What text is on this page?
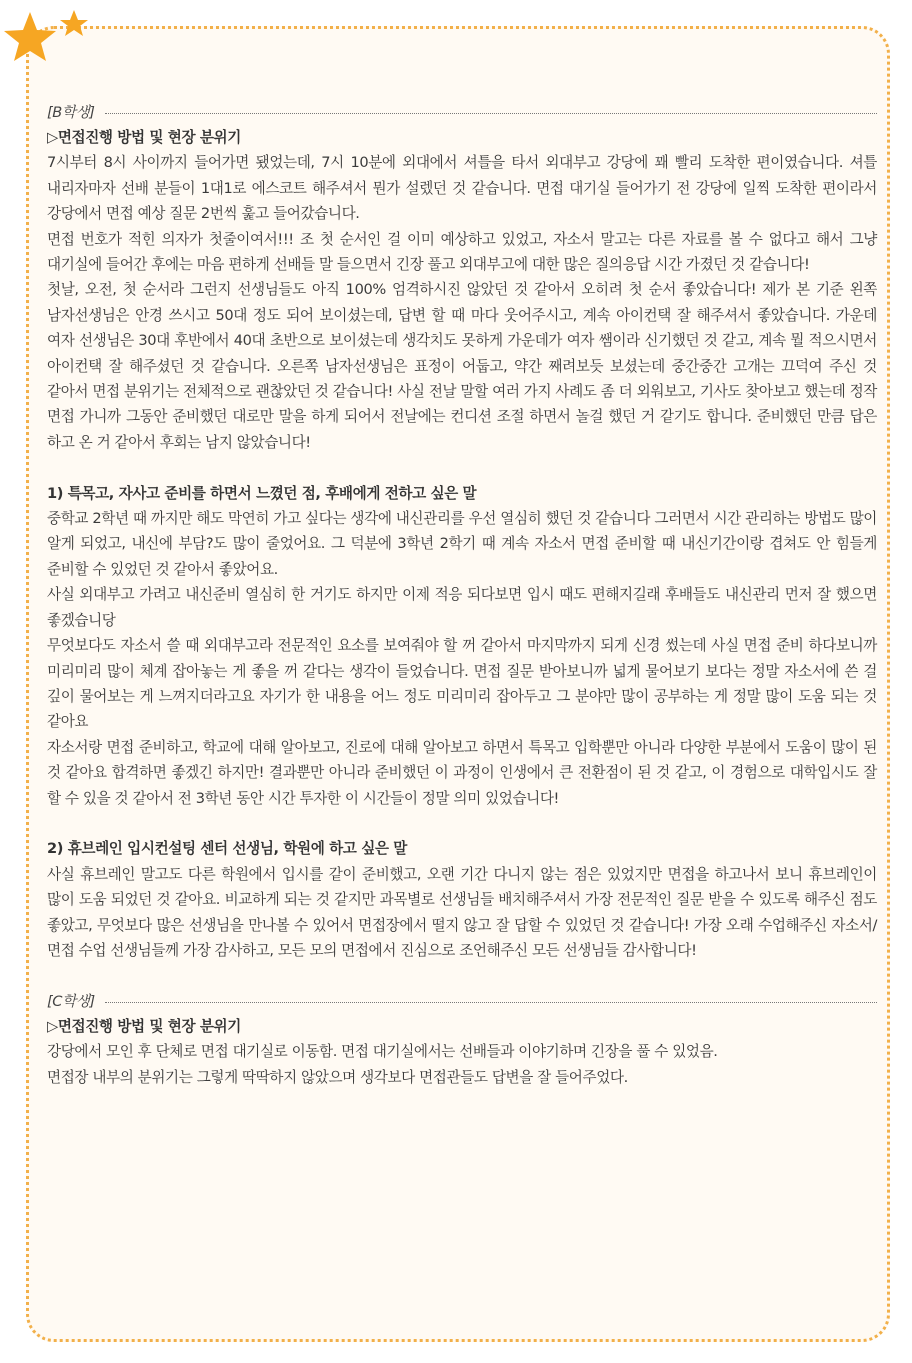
[B학생]

▷면접진행 방법 및 현장 분위기

7시부터 8시 사이까지 들어가면 됐었는데, 7시 10분에 외대에서 셔틀을 타서 외대부고 강당에 꽤 빨리 도착한 편이였습니다. 셔틀 내리자마자 선배 분들이 1대1로 에스코트 해주셔서 뭔가 설렜던 것 같습니다. 면접 대기실 들어가기 전 강당에 일찍 도착한 편이라서 강당에서 면접 예상 질문 2번씩 훑고 들어갔습니다.

면접 번호가 적힌 의자가 첫줄이여서!!! 조 첫 순서인 걸 이미 예상하고 있었고, 자소서 말고는 다른 자료를 볼 수 없다고 해서 그냥 대기실에 들어간 후에는 마음 편하게 선배들 말 들으면서 긴장 풀고 외대부고에 대한 많은 질의응답 시간 가졌던 것 같습니다!

첫날, 오전, 첫 순서라 그런지 선생님들도 아직 100% 엄격하시진 않았던 것 같아서 오히려 첫 순서 좋았습니다! 제가 본 기준 왼쪽 남자선생님은 안경 쓰시고 50대 정도 되어 보이셨는데, 답변 할 때 마다 웃어주시고, 계속 아이컨택 잘 해주셔서 좋았습니다. 가운데 여자 선생님은 30대 후반에서 40대 초반으로 보이셨는데 생각치도 못하게 가운데가 여자 쌤이라 신기했던 것 같고, 계속 뭘 적으시면서 아이컨택 잘 해주셨던 것 같습니다. 오른쪽 남자선생님은 표정이 어둡고, 약간 째려보듯 보셨는데 중간중간 고개는 끄덕여 주신 것 같아서 면접 분위기는 전체적으로 괜찮았던 것 같습니다! 사실 전날 말할 여러 가지 사례도 좀 더 외워보고, 기사도 찾아보고 했는데 정작 면접 가니까 그동안 준비했던 대로만 말을 하게 되어서 전날에는 컨디션 조절 하면서 놀걸 했던 거 같기도 합니다. 준비했던 만큼 답은 하고 온 거 같아서 후회는 남지 않았습니다!

1) 특목고, 자사고 준비를 하면서 느꼈던 점, 후배에게 전하고 싶은 말

중학교 2학년 때 까지만 해도 막연히 가고 싶다는 생각에 내신관리를 우선 열심히 했던 것 같습니다 그러면서 시간 관리하는 방법도 많이 알게 되었고, 내신에 부담?도 많이 줄었어요. 그 덕분에 3학년 2학기 때 계속 자소서 면접 준비할 때 내신기간이랑 겹쳐도 안 힘들게 준비할 수 있었던 것 같아서 좋았어요.

사실 외대부고 가려고 내신준비 열심히 한 거기도 하지만 이제 적응 되다보면 입시 때도 편해지길래 후배들도 내신관리 먼저 잘 했으면 좋겠습니당

무엇보다도 자소서 쓸 때 외대부고라 전문적인 요소를 보여줘야 할 꺼 같아서 마지막까지 되게 신경 썼는데 사실 면접 준비 하다보니까 미리미리 많이 체계 잡아놓는 게 좋을 꺼 같다는 생각이 들었습니다. 면접 질문 받아보니까 넓게 물어보기 보다는 정말 자소서에 쓴 걸 깊이 물어보는 게 느껴지더라고요 자기가 한 내용을 어느 정도 미리미리 잡아두고 그 분야만 많이 공부하는 게 정말 많이 도움 되는 것 같아요

자소서랑 면접 준비하고, 학교에 대해 알아보고, 진로에 대해 알아보고 하면서 특목고 입학뿐만 아니라 다양한 부분에서 도움이 많이 된 것 같아요 합격하면 좋겠긴 하지만! 결과뿐만 아니라 준비했던 이 과정이 인생에서 큰 전환점이 된 것 같고, 이 경험으로 대학입시도 잘 할 수 있을 것 같아서 전 3학년 동안 시간 투자한 이 시간들이 정말 의미 있었습니다!

2) 휴브레인 입시컨설팅 센터 선생님, 학원에 하고 싶은 말

사실 휴브레인 말고도 다른 학원에서 입시를 같이 준비했고, 오랜 기간 다니지 않는 점은 있었지만 면접을 하고나서 보니 휴브레인이 많이 도움 되었던 것 같아요. 비교하게 되는 것 같지만 과목별로 선생님들 배치해주셔서 가장 전문적인 질문 받을 수 있도록 해주신 점도 좋았고, 무엇보다 많은 선생님을 만나볼 수 있어서 면접장에서 떨지 않고 잘 답할 수 있었던 것 같습니다! 가장 오래 수업해주신 자소서/면접 수업 선생님들께 가장 감사하고, 모든 모의 면접에서 진심으로 조언해주신 모든 선생님들 감사합니다!

[C학생]

▷면접진행 방법 및 현장 분위기

강당에서 모인 후 단체로 면접 대기실로 이동함. 면접 대기실에서는 선배들과 이야기하며 긴장을 풀 수 있었음.

면접장 내부의 분위기는 그렇게 딱딱하지 않았으며 생각보다 면접관들도 답변을 잘 들어주었다.
